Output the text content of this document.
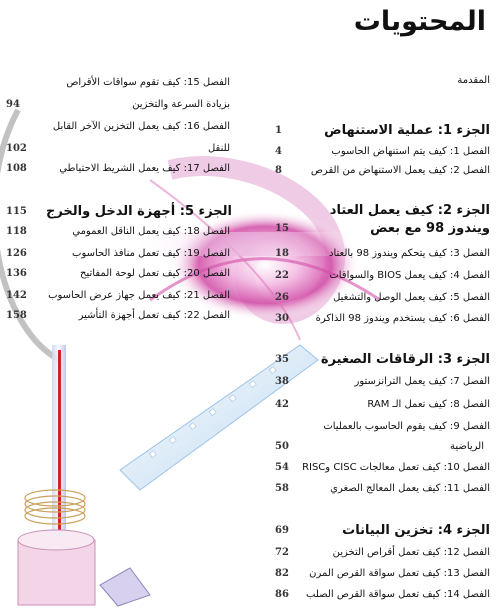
المحتويات
المقدمة
الجزء 1: عملية الاستنهاض
1
الفصل 1: كيف يتم استنهاض الحاسوب
4
الفصل 2: كيف يعمل الاستنهاض من القرص
8
الجزء 2: كيف يعمل العتاد
ويندوز 98 مع بعض
15
الفصل 3: كيف يتحكم ويندوز 98 بالعتاد
18
الفصل 4: كيف يعمل BIOS والسواقات
22
الفصل 5: كيف يعمل الوصل والتشغيل
26
الفصل 6: كيف يستخدم ويندوز 98 الذاكرة
30
الجزء 3: الرقاقات الصغيرة
35
الفصل 7: كيف يعمل الترانزستور
38
الفصل 8: كيف تعمل الـ RAM
42
الفصل 9: كيف يقوم الحاسوب بالعمليات
الرياضية
50
الفصل 10: كيف تعمل معالجات CISC وRISC
54
الفصل 11: كيف يعمل المعالج الصغري
58
الجزء 4: تخزين البيانات
69
الفصل 12: كيف تعمل أقراص التخزين
72
الفصل 13: كيف تعمل سواقة القرص المرن
82
الفصل 14: كيف تعمل سواقة القرص الصلب
86
الفصل 15: كيف تقوم سواقات الأقراص
بزيادة السرعة والتخزين
94
الفصل 16: كيف يعمل التخزين الآخر القابل
للنقل
102
الفصل 17: كيف يعمل الشريط الاحتياطي
108
الجزء 5: أجهزة الدخل والخرج
115
الفصل 18: كيف يعمل الناقل العمومي
118
الفصل 19: كيف تعمل منافذ الحاسوب
126
الفصل 20: كيف تعمل لوحة المفاتيح
136
الفصل 21: كيف يعمل جهاز عرض الحاسوب
142
الفصل 22: كيف تعمل أجهزة التأشير
158
